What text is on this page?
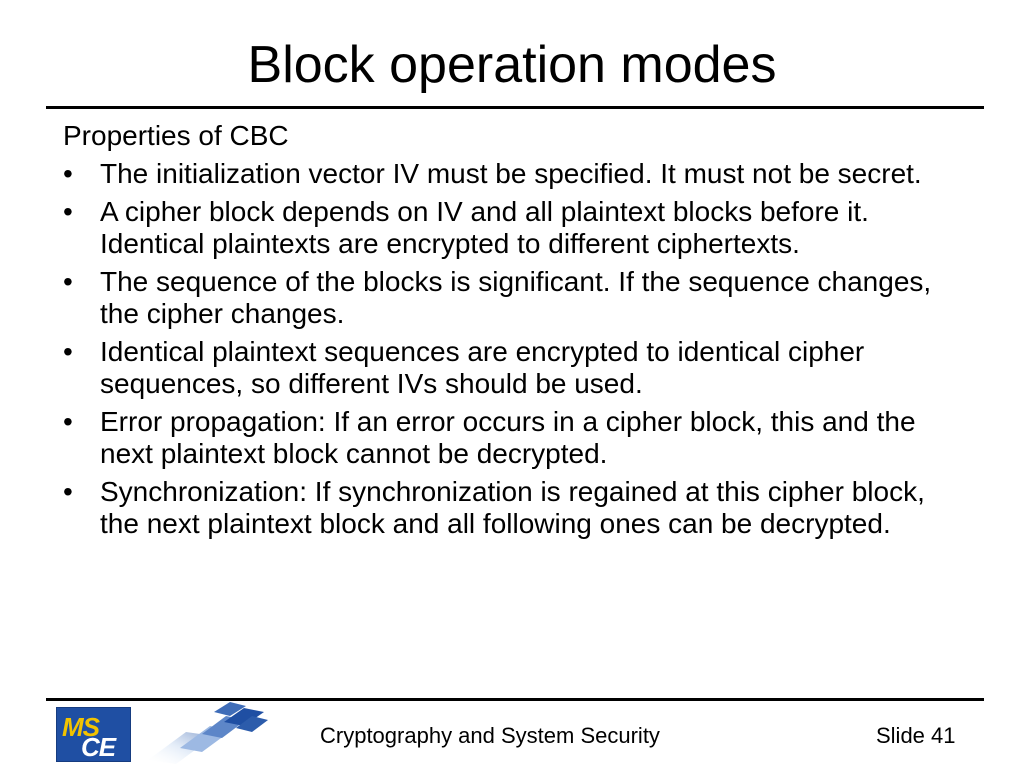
Block operation modes
Properties of CBC
• The initialization vector IV must be specified. It must not be secret.
• A cipher block depends on IV and all plaintext blocks before it. Identical plaintexts are encrypted to different ciphertexts.
• The sequence of the blocks is significant. If the sequence changes, the cipher changes.
• Identical plaintext sequences are encrypted to identical cipher sequences, so different IVs should be used.
• Error propagation: If an error occurs in a cipher block, this and the next plaintext block cannot be decrypted.
• Synchronization: If synchronization is regained at this cipher block, the next plaintext block and all following ones can be decrypted.
MS
CE	Cryptography and System Security	Slide 41
